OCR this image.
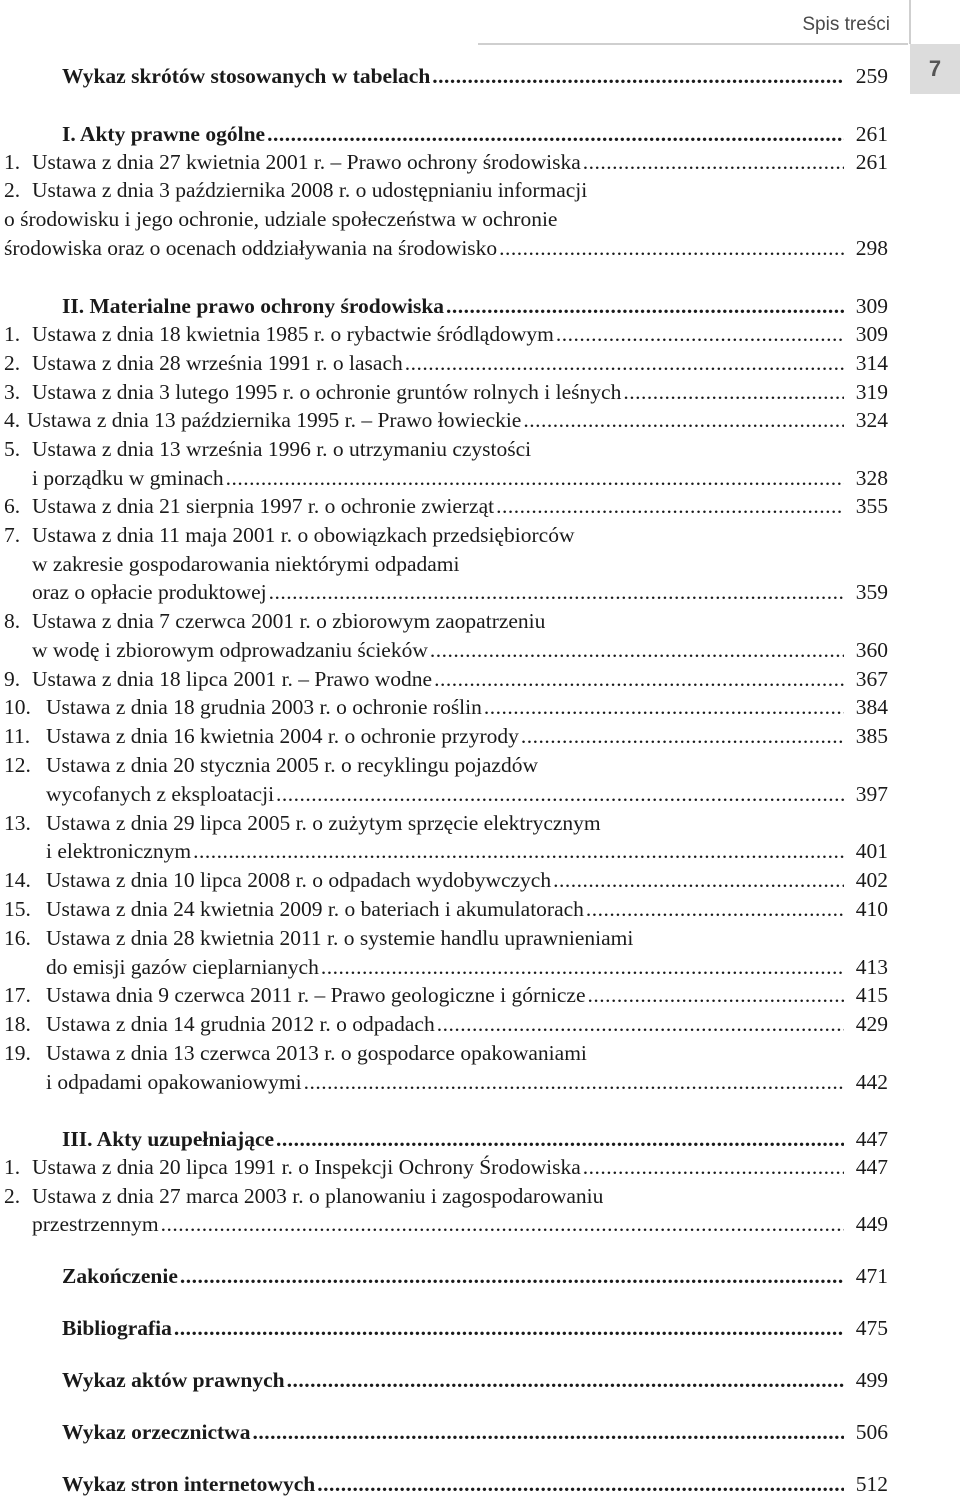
Spis treści
7
Wykaz skrótów stosowanych w tabelach .....	259
I. Akty prawne ogólne .....	261
1. Ustawa z dnia 27 kwietnia 2001 r. – Prawo ochrony środowiska .....	261
2. Ustawa z dnia 3 października 2008 r. o udostępnianiu informacji
o środowisku i jego ochronie, udziale społeczeństwa w ochronie
środowiska oraz o ocenach oddziaływania na środowisko .....	298
II. Materialne prawo ochrony środowiska .....	309
1. Ustawa z dnia 18 kwietnia 1985 r. o rybactwie śródlądowym .....	309
2. Ustawa z dnia 28 września 1991 r. o lasach .....	314
3. Ustawa z dnia 3 lutego 1995 r. o ochronie gruntów rolnych i leśnych .....	319
4. Ustawa z dnia 13 października 1995 r. – Prawo łowieckie .....	324
5. Ustawa z dnia 13 września 1996 r. o utrzymaniu czystości
i porządku w gminach .....	328
6. Ustawa z dnia 21 sierpnia 1997 r. o ochronie zwierząt .....	355
7. Ustawa z dnia 11 maja 2001 r. o obowiązkach przedsiębiorców
w zakresie gospodarowania niektórymi odpadami
oraz o opłacie produktowej .....	359
8. Ustawa z dnia 7 czerwca 2001 r. o zbiorowym zaopatrzeniu
w wodę i zbiorowym odprowadzaniu ścieków .....	360
9. Ustawa z dnia 18 lipca 2001 r. – Prawo wodne .....	367
10. Ustawa z dnia 18 grudnia 2003 r. o ochronie roślin .....	384
11. Ustawa z dnia 16 kwietnia 2004 r. o ochronie przyrody .....	385
12. Ustawa z dnia 20 stycznia 2005 r. o recyklingu pojazdów
wycofanych z eksploatacji .....	397
13. Ustawa z dnia 29 lipca 2005 r. o zużytym sprzęcie elektrycznym
i elektronicznym .....	401
14. Ustawa z dnia 10 lipca 2008 r. o odpadach wydobywczych .....	402
15. Ustawa z dnia 24 kwietnia 2009 r. o bateriach i akumulatorach .....	410
16. Ustawa z dnia 28 kwietnia 2011 r. o systemie handlu uprawnieniami
do emisji gazów cieplarnianych .....	413
17. Ustawa dnia 9 czerwca 2011 r. – Prawo geologiczne i górnicze .....	415
18. Ustawa z dnia 14 grudnia 2012 r. o odpadach .....	429
19. Ustawa z dnia 13 czerwca 2013 r. o gospodarce opakowaniami
i odpadami opakowaniowymi .....	442
III. Akty uzupełniające .....	447
1. Ustawa z dnia 20 lipca 1991 r. o Inspekcji Ochrony Środowiska .....	447
2. Ustawa z dnia 27 marca 2003 r. o planowaniu i zagospodarowaniu
przestrzennym .....	449
Zakończenie .....	471
Bibliografia .....	475
Wykaz aktów prawnych .....	499
Wykaz orzecznictwa .....	506
Wykaz stron internetowych .....	512
